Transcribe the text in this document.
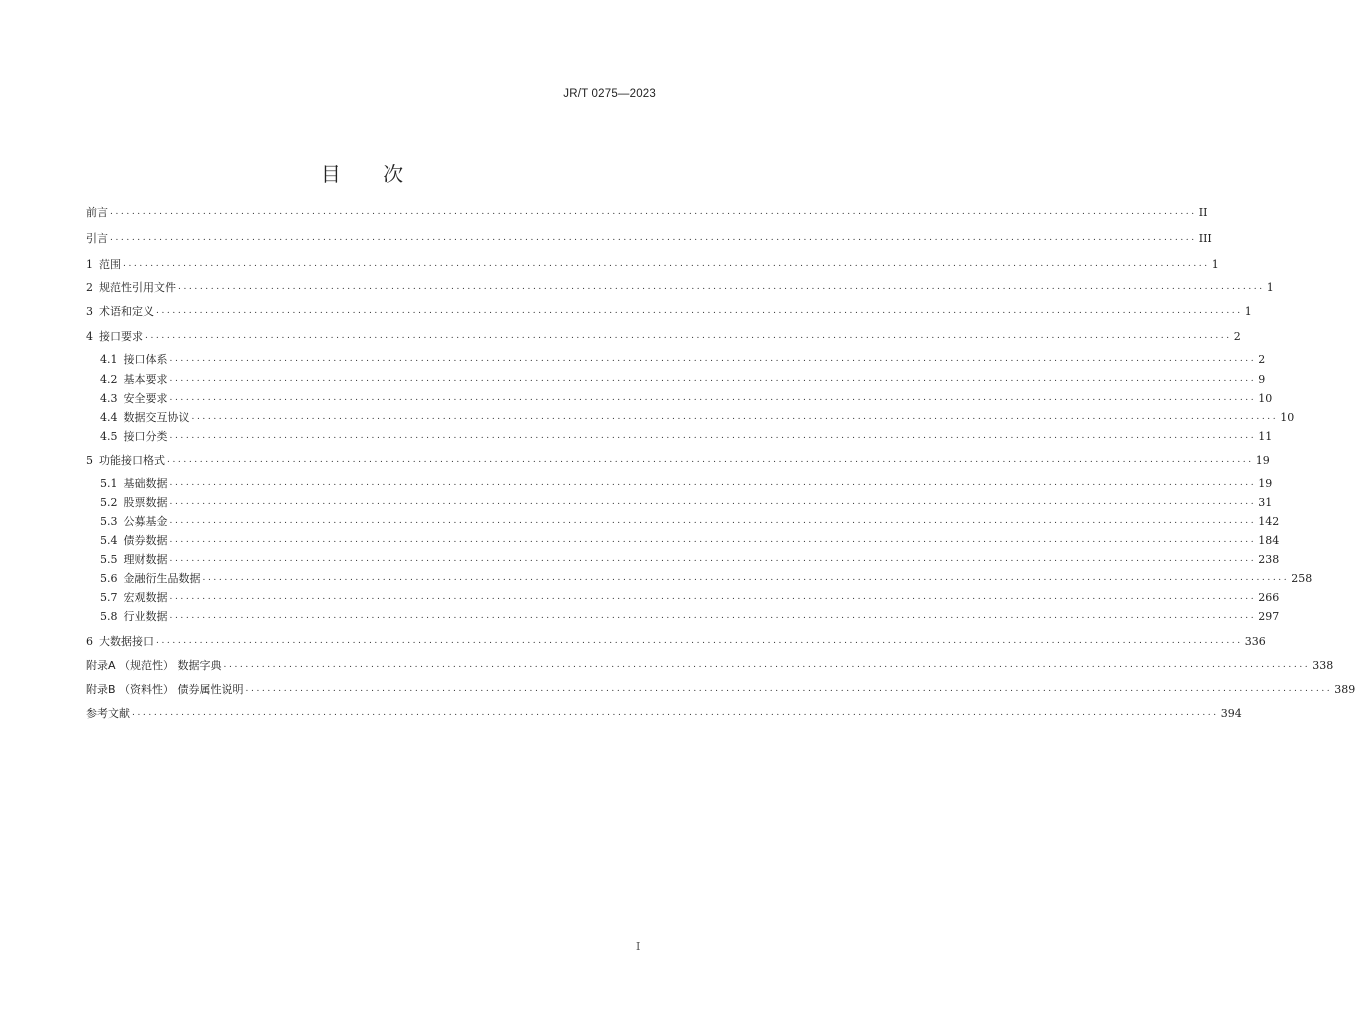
JR/T 0275—2023
目 次
前言 ....................................................................................................................................................................................................... II
引言 ....................................................................................................................................................................................................... III
1 范围 ....................................................................................................................................................................................................... 1
2 规范性引用文件 ....................................................................................................................................................................................................... 1
3 术语和定义 ....................................................................................................................................................................................................... 1
4 接口要求 ....................................................................................................................................................................................................... 2
4.1 接口体系 ....................................................................................................................................................................................................... 2
4.2 基本要求 ....................................................................................................................................................................................................... 9
4.3 安全要求 ....................................................................................................................................................................................................... 10
4.4 数据交互协议 ....................................................................................................................................................................................................... 10
4.5 接口分类 ....................................................................................................................................................................................................... 11
5 功能接口格式 ....................................................................................................................................................................................................... 19
5.1 基础数据 ....................................................................................................................................................................................................... 19
5.2 股票数据 ....................................................................................................................................................................................................... 31
5.3 公募基金 ....................................................................................................................................................................................................... 142
5.4 债券数据 ....................................................................................................................................................................................................... 184
5.5 理财数据 ....................................................................................................................................................................................................... 238
5.6 金融衍生品数据 ....................................................................................................................................................................................................... 258
5.7 宏观数据 ....................................................................................................................................................................................................... 266
5.8 行业数据 ....................................................................................................................................................................................................... 297
6 大数据接口 ....................................................................................................................................................................................................... 336
附录A （规范性） 数据字典 ....................................................................................................................................................................................................... 338
附录B （资料性） 债券属性说明 ....................................................................................................................................................................................................... 389
参考文献 ....................................................................................................................................................................................................... 394
I
